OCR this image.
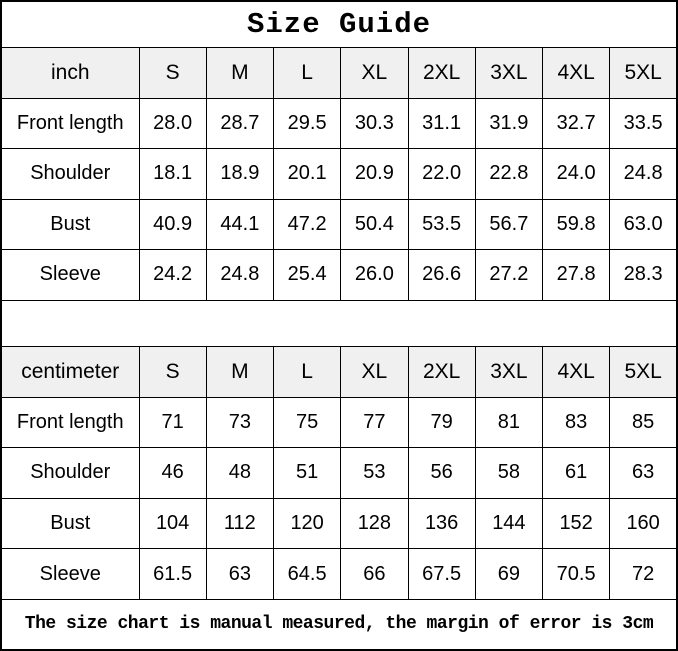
Size Guide								
inch	S	M	L	XL	2XL	3XL	4XL	5XL
Front length	28.0	28.7	29.5	30.3	31.1	31.9	32.7	33.5
Shoulder	18.1	18.9	20.1	20.9	22.0	22.8	24.0	24.8
Bust	40.9	44.1	47.2	50.4	53.5	56.7	59.8	63.0
Sleeve	24.2	24.8	25.4	26.0	26.6	27.2	27.8	28.3

centimeter	S	M	L	XL	2XL	3XL	4XL	5XL
Front length	71	73	75	77	79	81	83	85
Shoulder	46	48	51	53	56	58	61	63
Bust	104	112	120	128	136	144	152	160
Sleeve	61.5	63	64.5	66	67.5	69	70.5	72
The size chart is manual measured, the margin of error is 3cm								
